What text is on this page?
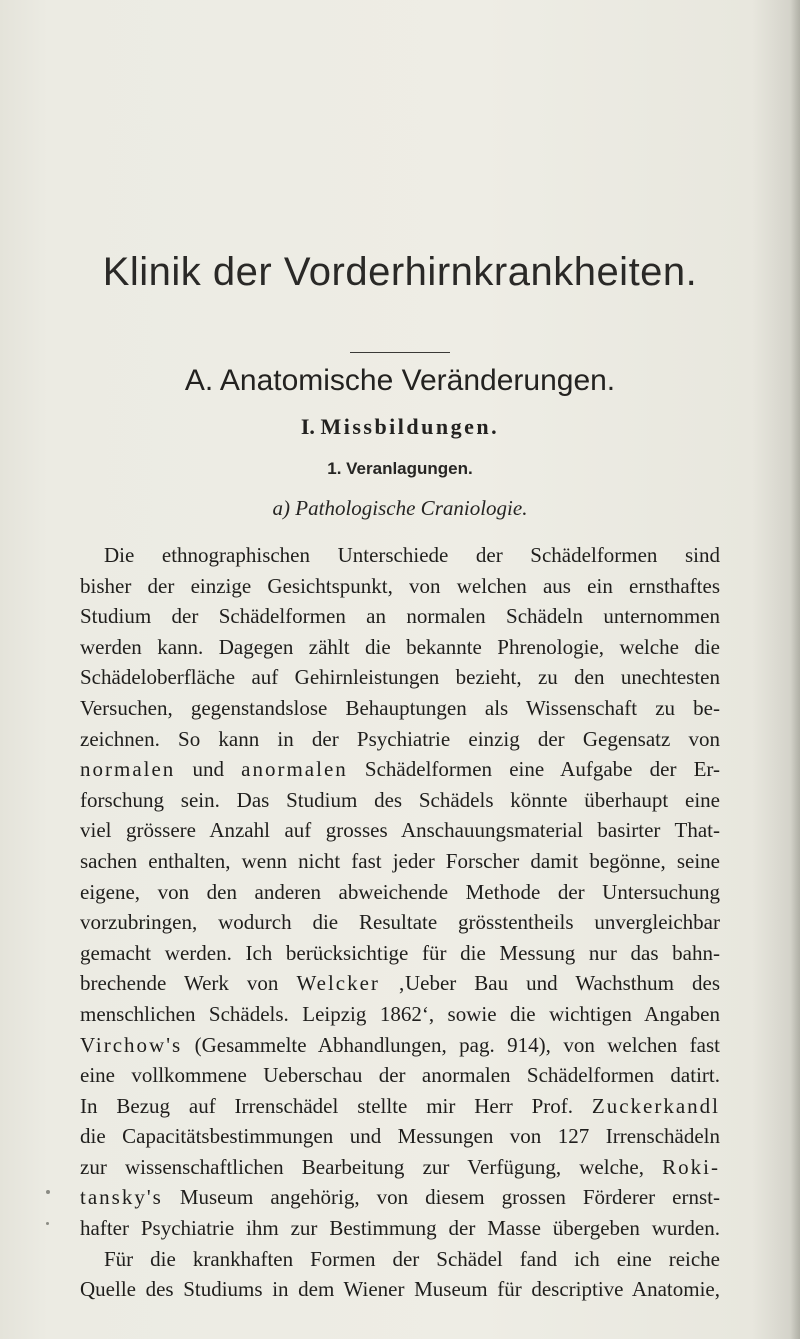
Klinik der Vorderhirnkrankheiten.
A. Anatomische Veränderungen.
I. Missbildungen.
1. Veranlagungen.
a) Pathologische Craniologie.
Die ethnographischen Unterschiede der Schädelformen sind
bisher der einzige Gesichtspunkt, von welchen aus ein ernsthaftes
Studium der Schädelformen an normalen Schädeln unternommen
werden kann. Dagegen zählt die bekannte Phrenologie, welche die
Schädeloberfläche auf Gehirnleistungen bezieht, zu den unechtesten
Versuchen, gegenstandslose Behauptungen als Wissenschaft zu be-
zeichnen. So kann in der Psychiatrie einzig der Gegensatz von
normalen und anormalen Schädelformen eine Aufgabe der Er-
forschung sein. Das Studium des Schädels könnte überhaupt eine
viel grössere Anzahl auf grosses Anschauungsmaterial basirter That-
sachen enthalten, wenn nicht fast jeder Forscher damit begönne, seine
eigene, von den anderen abweichende Methode der Untersuchung
vorzubringen, wodurch die Resultate grösstentheils unvergleichbar
gemacht werden. Ich berücksichtige für die Messung nur das bahn-
brechende Werk von Welcker ‚Ueber Bau und Wachsthum des
menschlichen Schädels. Leipzig 1862‘, sowie die wichtigen Angaben
Virchow's (Gesammelte Abhandlungen, pag. 914), von welchen fast
eine vollkommene Ueberschau der anormalen Schädelformen datirt.
In Bezug auf Irrenschädel stellte mir Herr Prof. Zuckerkandl
die Capacitätsbestimmungen und Messungen von 127 Irrenschädeln
zur wissenschaftlichen Bearbeitung zur Verfügung, welche, Roki-
tansky's Museum angehörig, von diesem grossen Förderer ernst-
hafter Psychiatrie ihm zur Bestimmung der Masse übergeben wurden.
Für die krankhaften Formen der Schädel fand ich eine reiche
Quelle des Studiums in dem Wiener Museum für descriptive Anatomie,
